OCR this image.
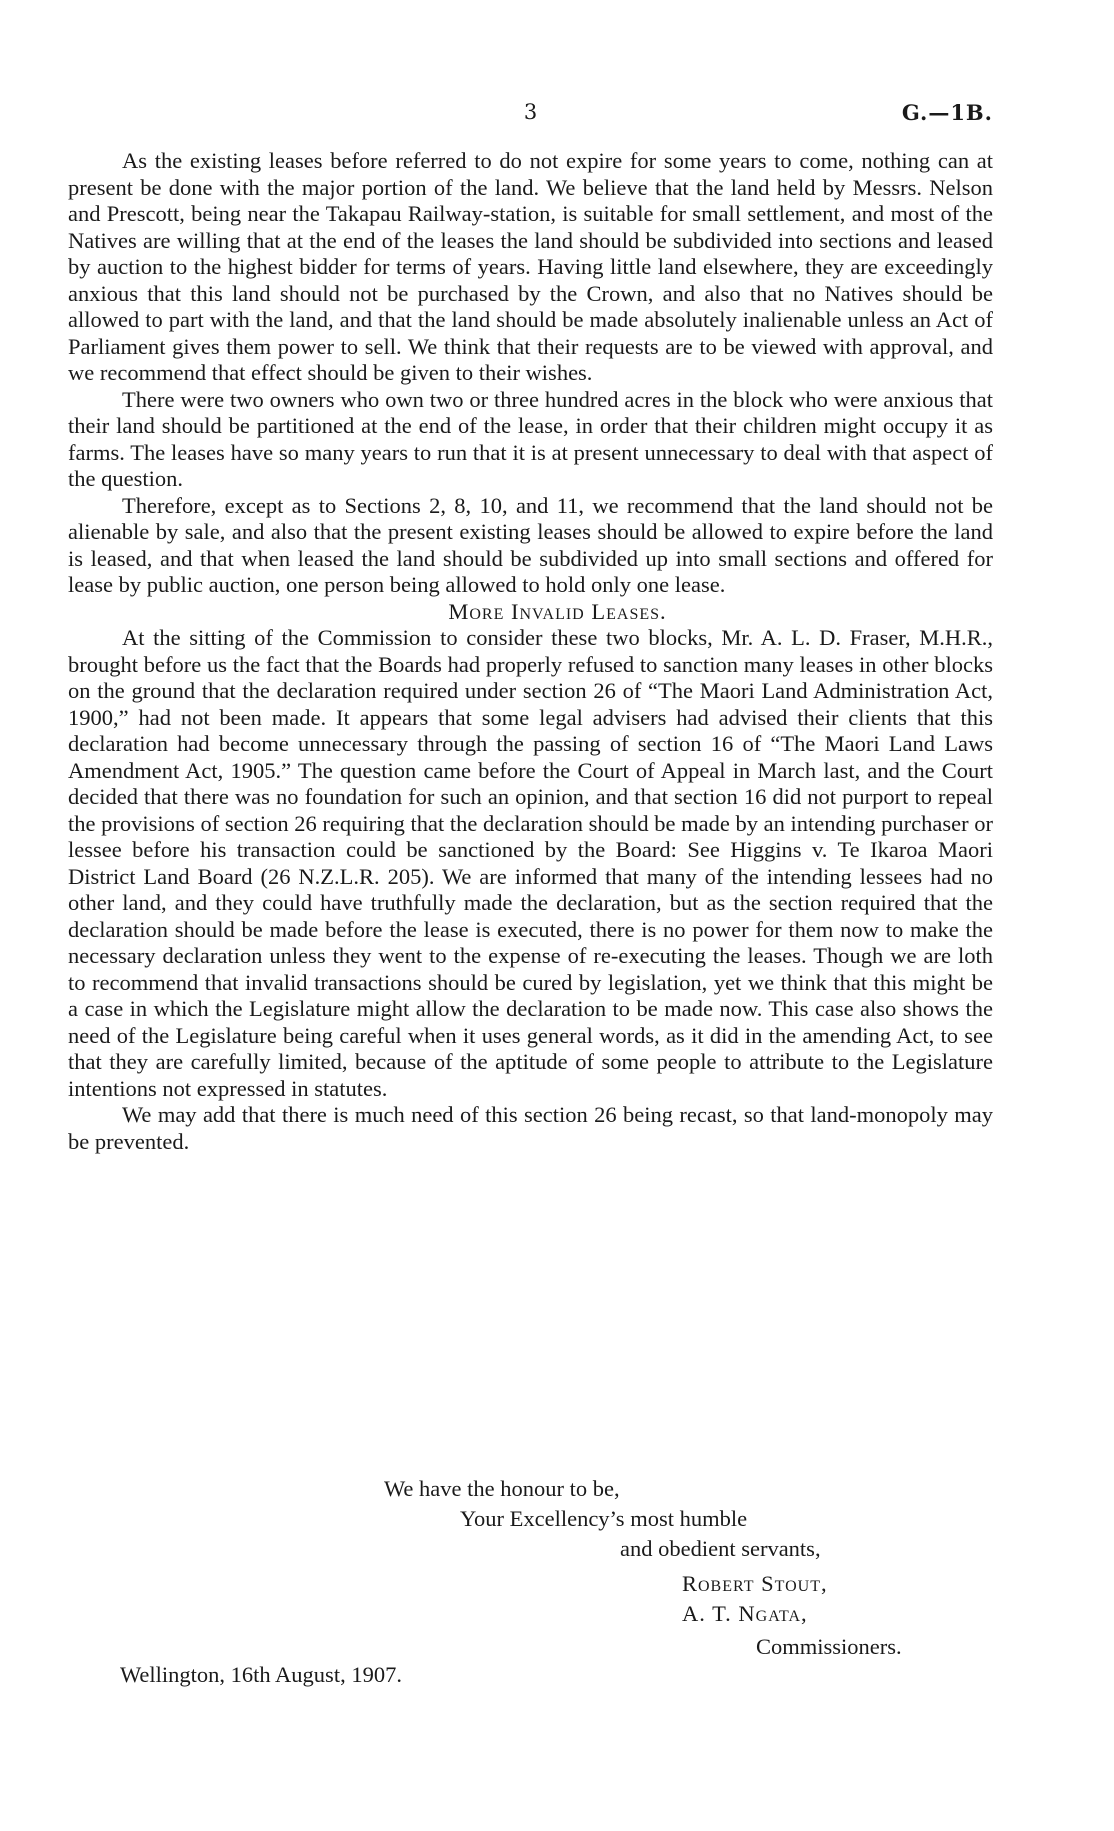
3	G.—1B.

As the existing leases before referred to do not expire for some years to come, nothing can at present be done with the major portion of the land. We believe that the land held by Messrs. Nelson and Prescott, being near the Takapau Railway-station, is suitable for small settlement, and most of the Natives are willing that at the end of the leases the land should be subdivided into sections and leased by auction to the highest bidder for terms of years. Having little land elsewhere, they are exceedingly anxious that this land should not be purchased by the Crown, and also that no Natives should be allowed to part with the land, and that the land should be made absolutely inalienable unless an Act of Parliament gives them power to sell. We think that their requests are to be viewed with approval, and we recommend that effect should be given to their wishes.

There were two owners who own two or three hundred acres in the block who were anxious that their land should be partitioned at the end of the lease, in order that their children might occupy it as farms. The leases have so many years to run that it is at present unnecessary to deal with that aspect of the question.

Therefore, except as to Sections 2, 8, 10, and 11, we recommend that the land should not be alienable by sale, and also that the present existing leases should be allowed to expire before the land is leased, and that when leased the land should be subdivided up into small sections and offered for lease by public auction, one person being allowed to hold only one lease.

More Invalid Leases.

At the sitting of the Commission to consider these two blocks, Mr. A. L. D. Fraser, M.H.R., brought before us the fact that the Boards had properly refused to sanction many leases in other blocks on the ground that the declaration required under section 26 of “The Maori Land Administration Act, 1900,” had not been made. It appears that some legal advisers had advised their clients that this declaration had become unnecessary through the passing of section 16 of “The Maori Land Laws Amendment Act, 1905.” The question came before the Court of Appeal in March last, and the Court decided that there was no foundation for such an opinion, and that section 16 did not purport to repeal the provisions of section 26 requiring that the declaration should be made by an intending purchaser or lessee before his transaction could be sanctioned by the Board: See Higgins v. Te Ikaroa Maori District Land Board (26 N.Z.L.R. 205). We are informed that many of the intending lessees had no other land, and they could have truthfully made the declaration, but as the section required that the declaration should be made before the lease is executed, there is no power for them now to make the necessary declaration unless they went to the expense of re-executing the leases. Though we are loth to recommend that invalid transactions should be cured by legislation, yet we think that this might be a case in which the Legislature might allow the declaration to be made now. This case also shows the need of the Legislature being careful when it uses general words, as it did in the amending Act, to see that they are carefully limited, because of the aptitude of some people to attribute to the Legislature intentions not expressed in statutes.

We may add that there is much need of this section 26 being recast, so that land-monopoly may be prevented.

We have the honour to be,
Your Excellency’s most humble
and obedient servants,
Robert Stout,
A. T. Ngata,
Commissioners.
Wellington, 16th August, 1907.
